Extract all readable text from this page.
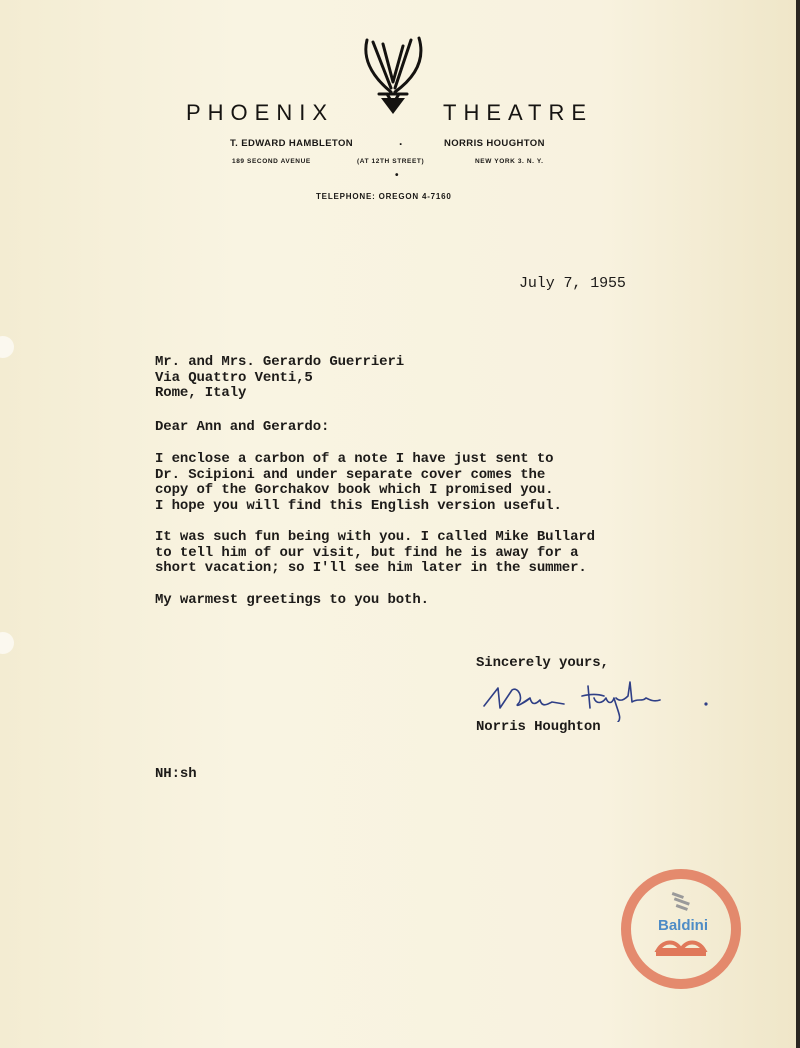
PHOENIX	THEATRE
T. EDWARD HAMBLETON	.	NORRIS HOUGHTON
189 SECOND AVENUE	(AT 12TH STREET)	NEW YORK 3. N. Y.
•
TELEPHONE: OREGON 4-7160
July 7, 1955
Mr. and Mrs. Gerardo Guerrieri
Via Quattro Venti,5
Rome, Italy
Dear Ann and Gerardo:
I enclose a carbon of a note I have just sent to
Dr. Scipioni and under separate cover comes the
copy of the Gorchakov book which I promised you.
I hope you will find this English version useful.
It was such fun being with you. I called Mike Bullard
to tell him of our visit, but find he is away for a
short vacation; so I'll see him later in the summer.
My warmest greetings to you both.
Sincerely yours,
Norris Houghton
NH:sh
Baldini
